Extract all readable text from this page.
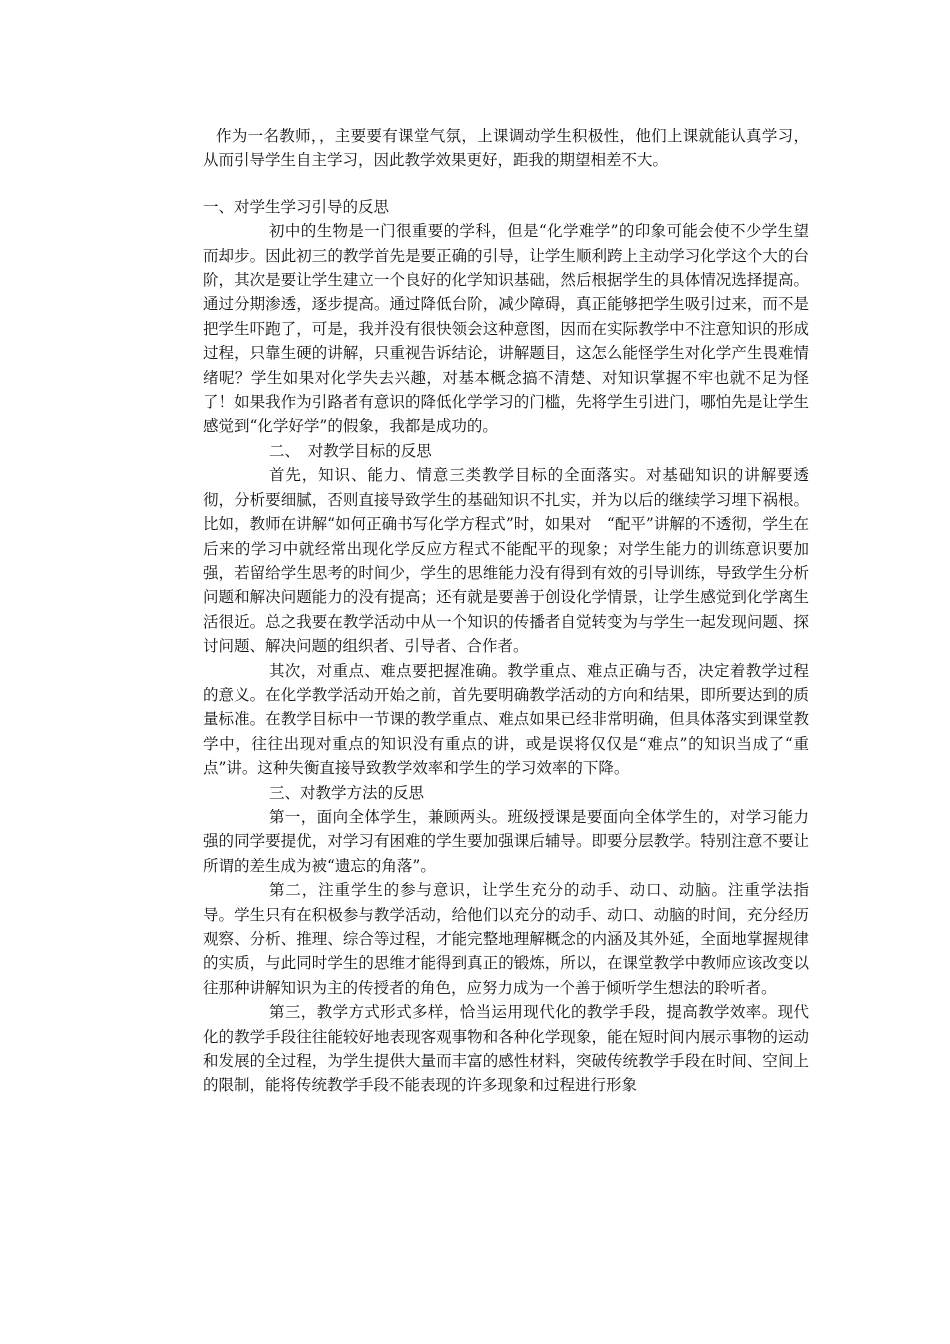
作为一名教师，，主要要有课堂气氛，上课调动学生积极性，他们上课就能认真学习，从而引导学生自主学习，因此教学效果更好，距我的期望相差不大。

一、对学生学习引导的反思

初中的生物是一门很重要的学科，但是“化学难学”的印象可能会使不少学生望而却步。因此初三的教学首先是要正确的引导，让学生顺利跨上主动学习化学这个大的台阶，其次是要让学生建立一个良好的化学知识基础，然后根据学生的具体情况选择提高。通过分期渗透，逐步提高。通过降低台阶，减少障碍，真正能够把学生吸引过来，而不是把学生吓跑了，可是，我并没有很快领会这种意图，因而在实际教学中不注意知识的形成过程，只靠生硬的讲解，只重视告诉结论，讲解题目，这怎么能怪学生对化学产生畏难情绪呢？学生如果对化学失去兴趣，对基本概念搞不清楚、对知识掌握不牢也就不足为怪了！如果我作为引路者有意识的降低化学学习的门槛，先将学生引进门，哪怕先是让学生感觉到“化学好学”的假象，我都是成功的。

二、　对教学目标的反思

首先，知识、能力、情意三类教学目标的全面落实。对基础知识的讲解要透彻，分析要细腻，否则直接导致学生的基础知识不扎实，并为以后的继续学习埋下祸根。比如，教师在讲解“如何正确书写化学方程式”时，如果对　“配平”讲解的不透彻，学生在后来的学习中就经常出现化学反应方程式不能配平的现象；对学生能力的训练意识要加强，若留给学生思考的时间少，学生的思维能力没有得到有效的引导训练，导致学生分析问题和解决问题能力的没有提高；还有就是要善于创设化学情景，让学生感觉到化学离生活很近。总之我要在教学活动中从一个知识的传播者自觉转变为与学生一起发现问题、探讨问题、解决问题的组织者、引导者、合作者。

其次，对重点、难点要把握准确。教学重点、难点正确与否，决定着教学过程的意义。在化学教学活动开始之前，首先要明确教学活动的方向和结果，即所要达到的质量标准。在教学目标中一节课的教学重点、难点如果已经非常明确，但具体落实到课堂教学中，往往出现对重点的知识没有重点的讲，或是误将仅仅是“难点”的知识当成了“重点”讲。这种失衡直接导致教学效率和学生的学习效率的下降。

三、对教学方法的反思

第一，面向全体学生，兼顾两头。班级授课是要面向全体学生的，对学习能力强的同学要提优，对学习有困难的学生要加强课后辅导。即要分层教学。特别注意不要让所谓的差生成为被“遗忘的角落”。

第二，注重学生的参与意识，让学生充分的动手、动口、动脑。注重学法指导。学生只有在积极参与教学活动，给他们以充分的动手、动口、动脑的时间，充分经历观察、分析、推理、综合等过程，才能完整地理解概念的内涵及其外延，全面地掌握规律的实质，与此同时学生的思维才能得到真正的锻炼，所以，在课堂教学中教师应该改变以往那种讲解知识为主的传授者的角色，应努力成为一个善于倾听学生想法的聆听者。

第三，教学方式形式多样，恰当运用现代化的教学手段，提高教学效率。现代化的教学手段往往能较好地表现客观事物和各种化学现象，能在短时间内展示事物的运动和发展的全过程，为学生提供大量而丰富的感性材料，突破传统教学手段在时间、空间上的限制，能将传统教学手段不能表现的许多现象和过程进行形象
